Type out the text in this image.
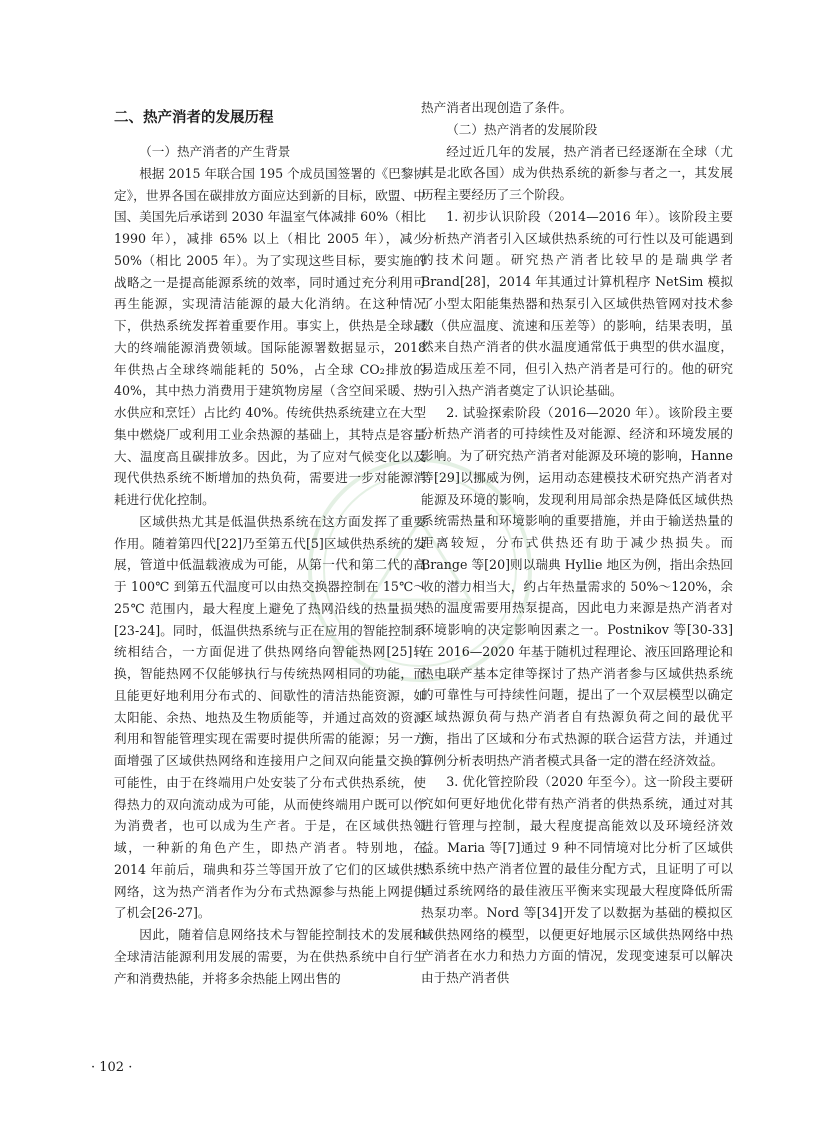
二、热产消者的发展历程

（一）热产消者的产生背景

根据 2015 年联合国 195 个成员国签署的《巴黎协定》，世界各国在碳排放方面应达到新的目标，欧盟、中国、美国先后承诺到 2030 年温室气体减排 60%（相比 1990 年），减排 65% 以上（相比 2005 年），减少 50%（相比 2005 年）。为了实现这些目标，要实施的战略之一是提高能源系统的效率，同时通过充分利用可再生能源，实现清洁能源的最大化消纳。在这种情况下，供热系统发挥着重要作用。事实上，供热是全球最大的终端能源消费领域。国际能源署数据显示，2018 年供热占全球终端能耗的 50%，占全球 CO₂排放的 40%，其中热力消费用于建筑物房屋（含空间采暖、热水供应和烹饪）占比约 40%。传统供热系统建立在大型集中燃烧厂或利用工业余热源的基础上，其特点是容量大、温度高且碳排放多。因此，为了应对气候变化以及现代供热系统不断增加的热负荷，需要进一步对能源消耗进行优化控制。

区域供热尤其是低温供热系统在这方面发挥了重要作用。随着第四代[22]乃至第五代[5]区域供热系统的发展，管道中低温载液成为可能，从第一代和第二代的高于 100℃ 到第五代温度可以由热交换器控制在 15℃～25℃ 范围内，最大程度上避免了热网沿线的热量损失[23-24]。同时，低温供热系统与正在应用的智能控制系统相结合，一方面促进了供热网络向智能热网[25]转换，智能热网不仅能够执行与传统热网相同的功能，而且能更好地利用分布式的、间歇性的清洁热能资源，如太阳能、余热、地热及生物质能等，并通过高效的资源利用和智能管理实现在需要时提供所需的能源；另一方面增强了区域供热网络和连接用户之间双向能量交换的可能性，由于在终端用户处安装了分布式供热系统，使得热力的双向流动成为可能，从而使终端用户既可以作为消费者，也可以成为生产者。于是，在区域供热领域，一种新的角色产生，即热产消者。特别地，在 2014 年前后，瑞典和芬兰等国开放了它们的区域供热网络，这为热产消者作为分布式热源参与热能上网提供了机会[26-27]。

因此，随着信息网络技术与智能控制技术的发展和全球清洁能源利用发展的需要，为在供热系统中自行生产和消费热能，并将多余热能上网出售的

热产消者出现创造了条件。

（二）热产消者的发展阶段

经过近几年的发展，热产消者已经逐渐在全球（尤其是北欧各国）成为供热系统的新参与者之一，其发展历程主要经历了三个阶段。

1. 初步认识阶段（2014—2016 年）。该阶段主要分析热产消者引入区域供热系统的可行性以及可能遇到的技术问题。研究热产消者比较早的是瑞典学者 Brand[28]，2014 年其通过计算机程序 NetSim 模拟了小型太阳能集热器和热泵引入区域供热管网对技术参数（供应温度、流速和压差等）的影响，结果表明，虽然来自热产消者的供水温度通常低于典型的供水温度，易造成压差不同，但引入热产消者是可行的。他的研究为引入热产消者奠定了认识论基础。

2. 试验探索阶段（2016—2020 年）。该阶段主要分析热产消者的可持续性及对能源、经济和环境发展的影响。为了研究热产消者对能源及环境的影响，Hanne 等[29]以挪威为例，运用动态建模技术研究热产消者对能源及环境的影响，发现利用局部余热是降低区域供热系统需热量和环境影响的重要措施，并由于输送热量的距离较短，分布式供热还有助于减少热损失。而 Brange 等[20]则以瑞典 Hyllie 地区为例，指出余热回收的潜力相当大，约占年热量需求的 50%～120%，余热的温度需要用热泵提高，因此电力来源是热产消者对环境影响的决定影响因素之一。Postnikov 等[30-33]在 2016—2020 年基于随机过程理论、液压回路理论和热电联产基本定律等探讨了热产消者参与区域供热系统的可靠性与可持续性问题，提出了一个双层模型以确定区域热源负荷与热产消者自有热源负荷之间的最优平衡，指出了区域和分布式热源的联合运营方法，并通过算例分析表明热产消者模式具备一定的潜在经济效益。

3. 优化管控阶段（2020 年至今）。这一阶段主要研究如何更好地优化带有热产消者的供热系统，通过对其进行管理与控制，最大程度提高能效以及环境经济效益。Maria 等[7]通过 9 种不同情境对比分析了区域供热系统中热产消者位置的最佳分配方式，且证明了可以通过系统网络的最佳液压平衡来实现最大程度降低所需热泵功率。Nord 等[34]开发了以数据为基础的模拟区域供热网络的模型，以便更好地展示区域供热网络中热产消者在水力和热力方面的情况，发现变速泵可以解决由于热产消者供

· 102 ·
